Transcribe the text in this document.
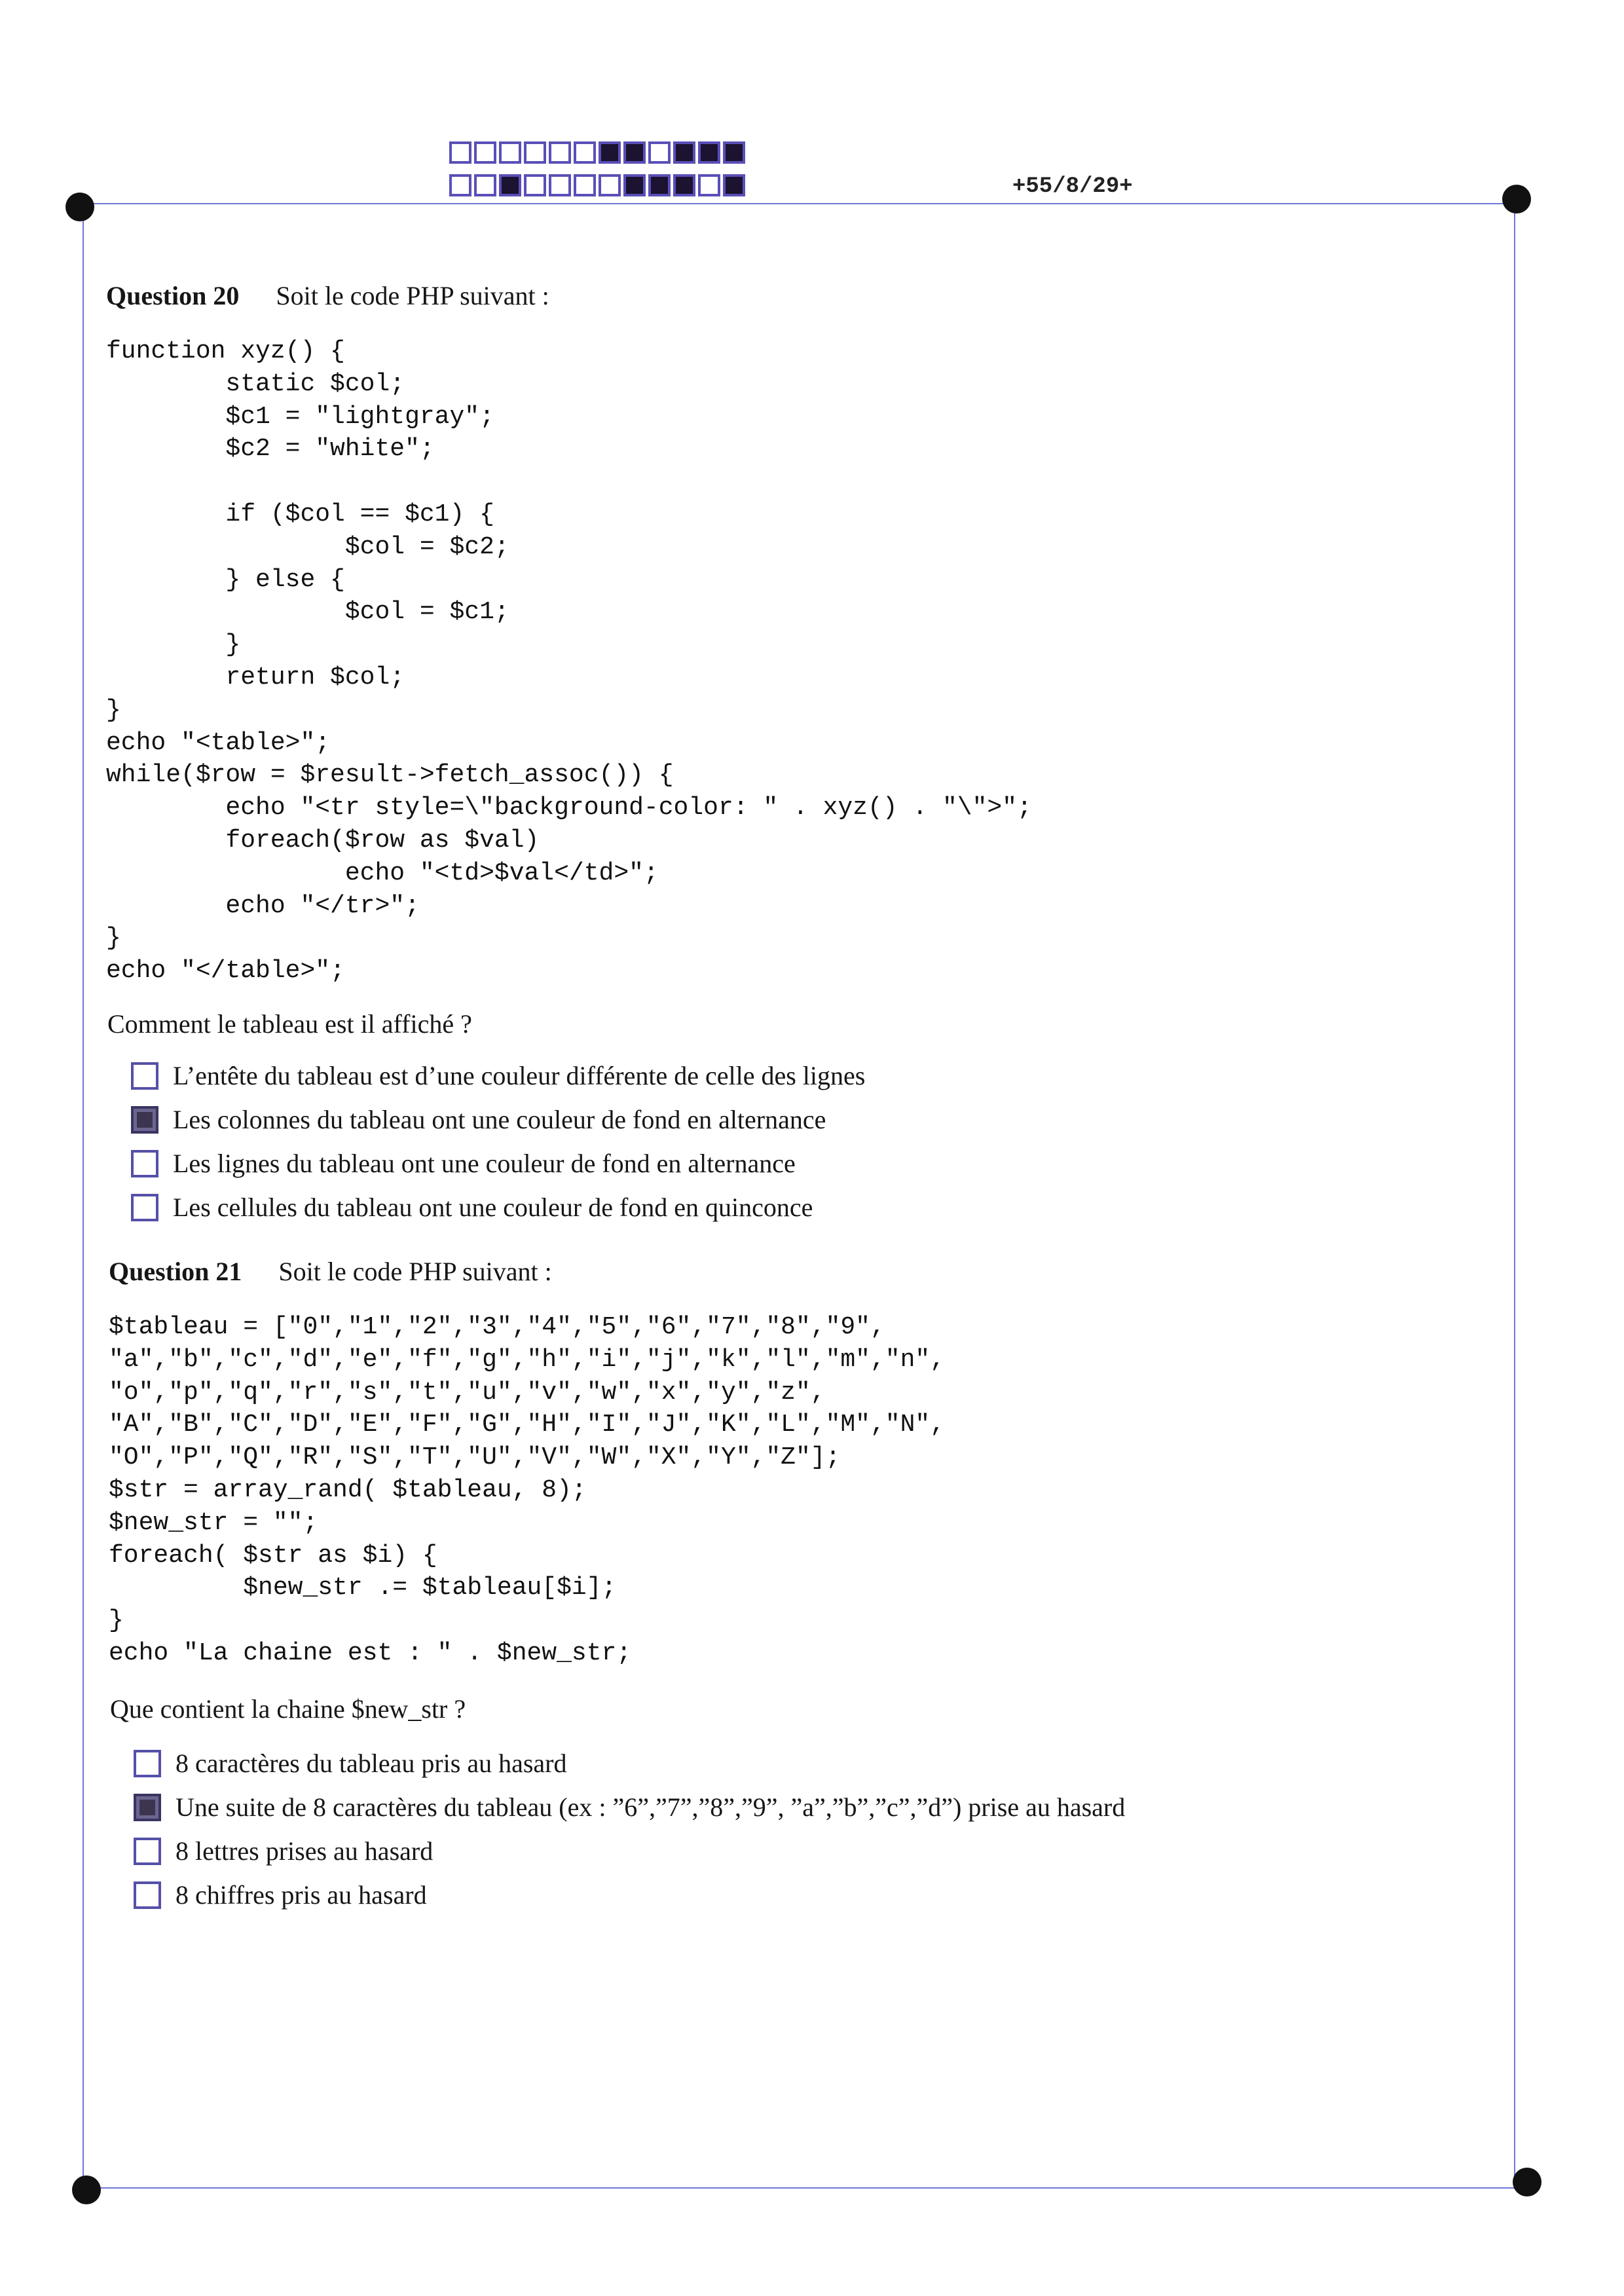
+55/8/29+
Question 20 Soit le code PHP suivant :
function xyz() {
static $col;
$c1 = "lightgray";
$c2 = "white";

if ($col == $c1) {
$col = $c2;
} else {
$col = $c1;
}
return $col;
}
echo "<table>";
while($row = $result->fetch_assoc()) {
echo "<tr style=\"background-color: " . xyz() . "\">";
foreach($row as $val)
echo "<td>$val</td>";
echo "</tr>";
}
echo "</table>";
Comment le tableau est il affiché ?
L’entête du tableau est d’une couleur différente de celle des lignes
Les colonnes du tableau ont une couleur de fond en alternance
Les lignes du tableau ont une couleur de fond en alternance
Les cellules du tableau ont une couleur de fond en quinconce
Question 21 Soit le code PHP suivant :
$tableau = ["0","1","2","3","4","5","6","7","8","9",
"a","b","c","d","e","f","g","h","i","j","k","l","m","n",
"o","p","q","r","s","t","u","v","w","x","y","z",
"A","B","C","D","E","F","G","H","I","J","K","L","M","N",
"O","P","Q","R","S","T","U","V","W","X","Y","Z"];
$str = array_rand( $tableau, 8);
$new_str = "";
foreach( $str as $i) {
$new_str .= $tableau[$i];
}
echo "La chaine est : " . $new_str;
Que contient la chaine $new_str ?
8 caractères du tableau pris au hasard
Une suite de 8 caractères du tableau (ex : ”6”,”7”,”8”,”9”, ”a”,”b”,”c”,”d”) prise au hasard
8 lettres prises au hasard
8 chiffres pris au hasard
